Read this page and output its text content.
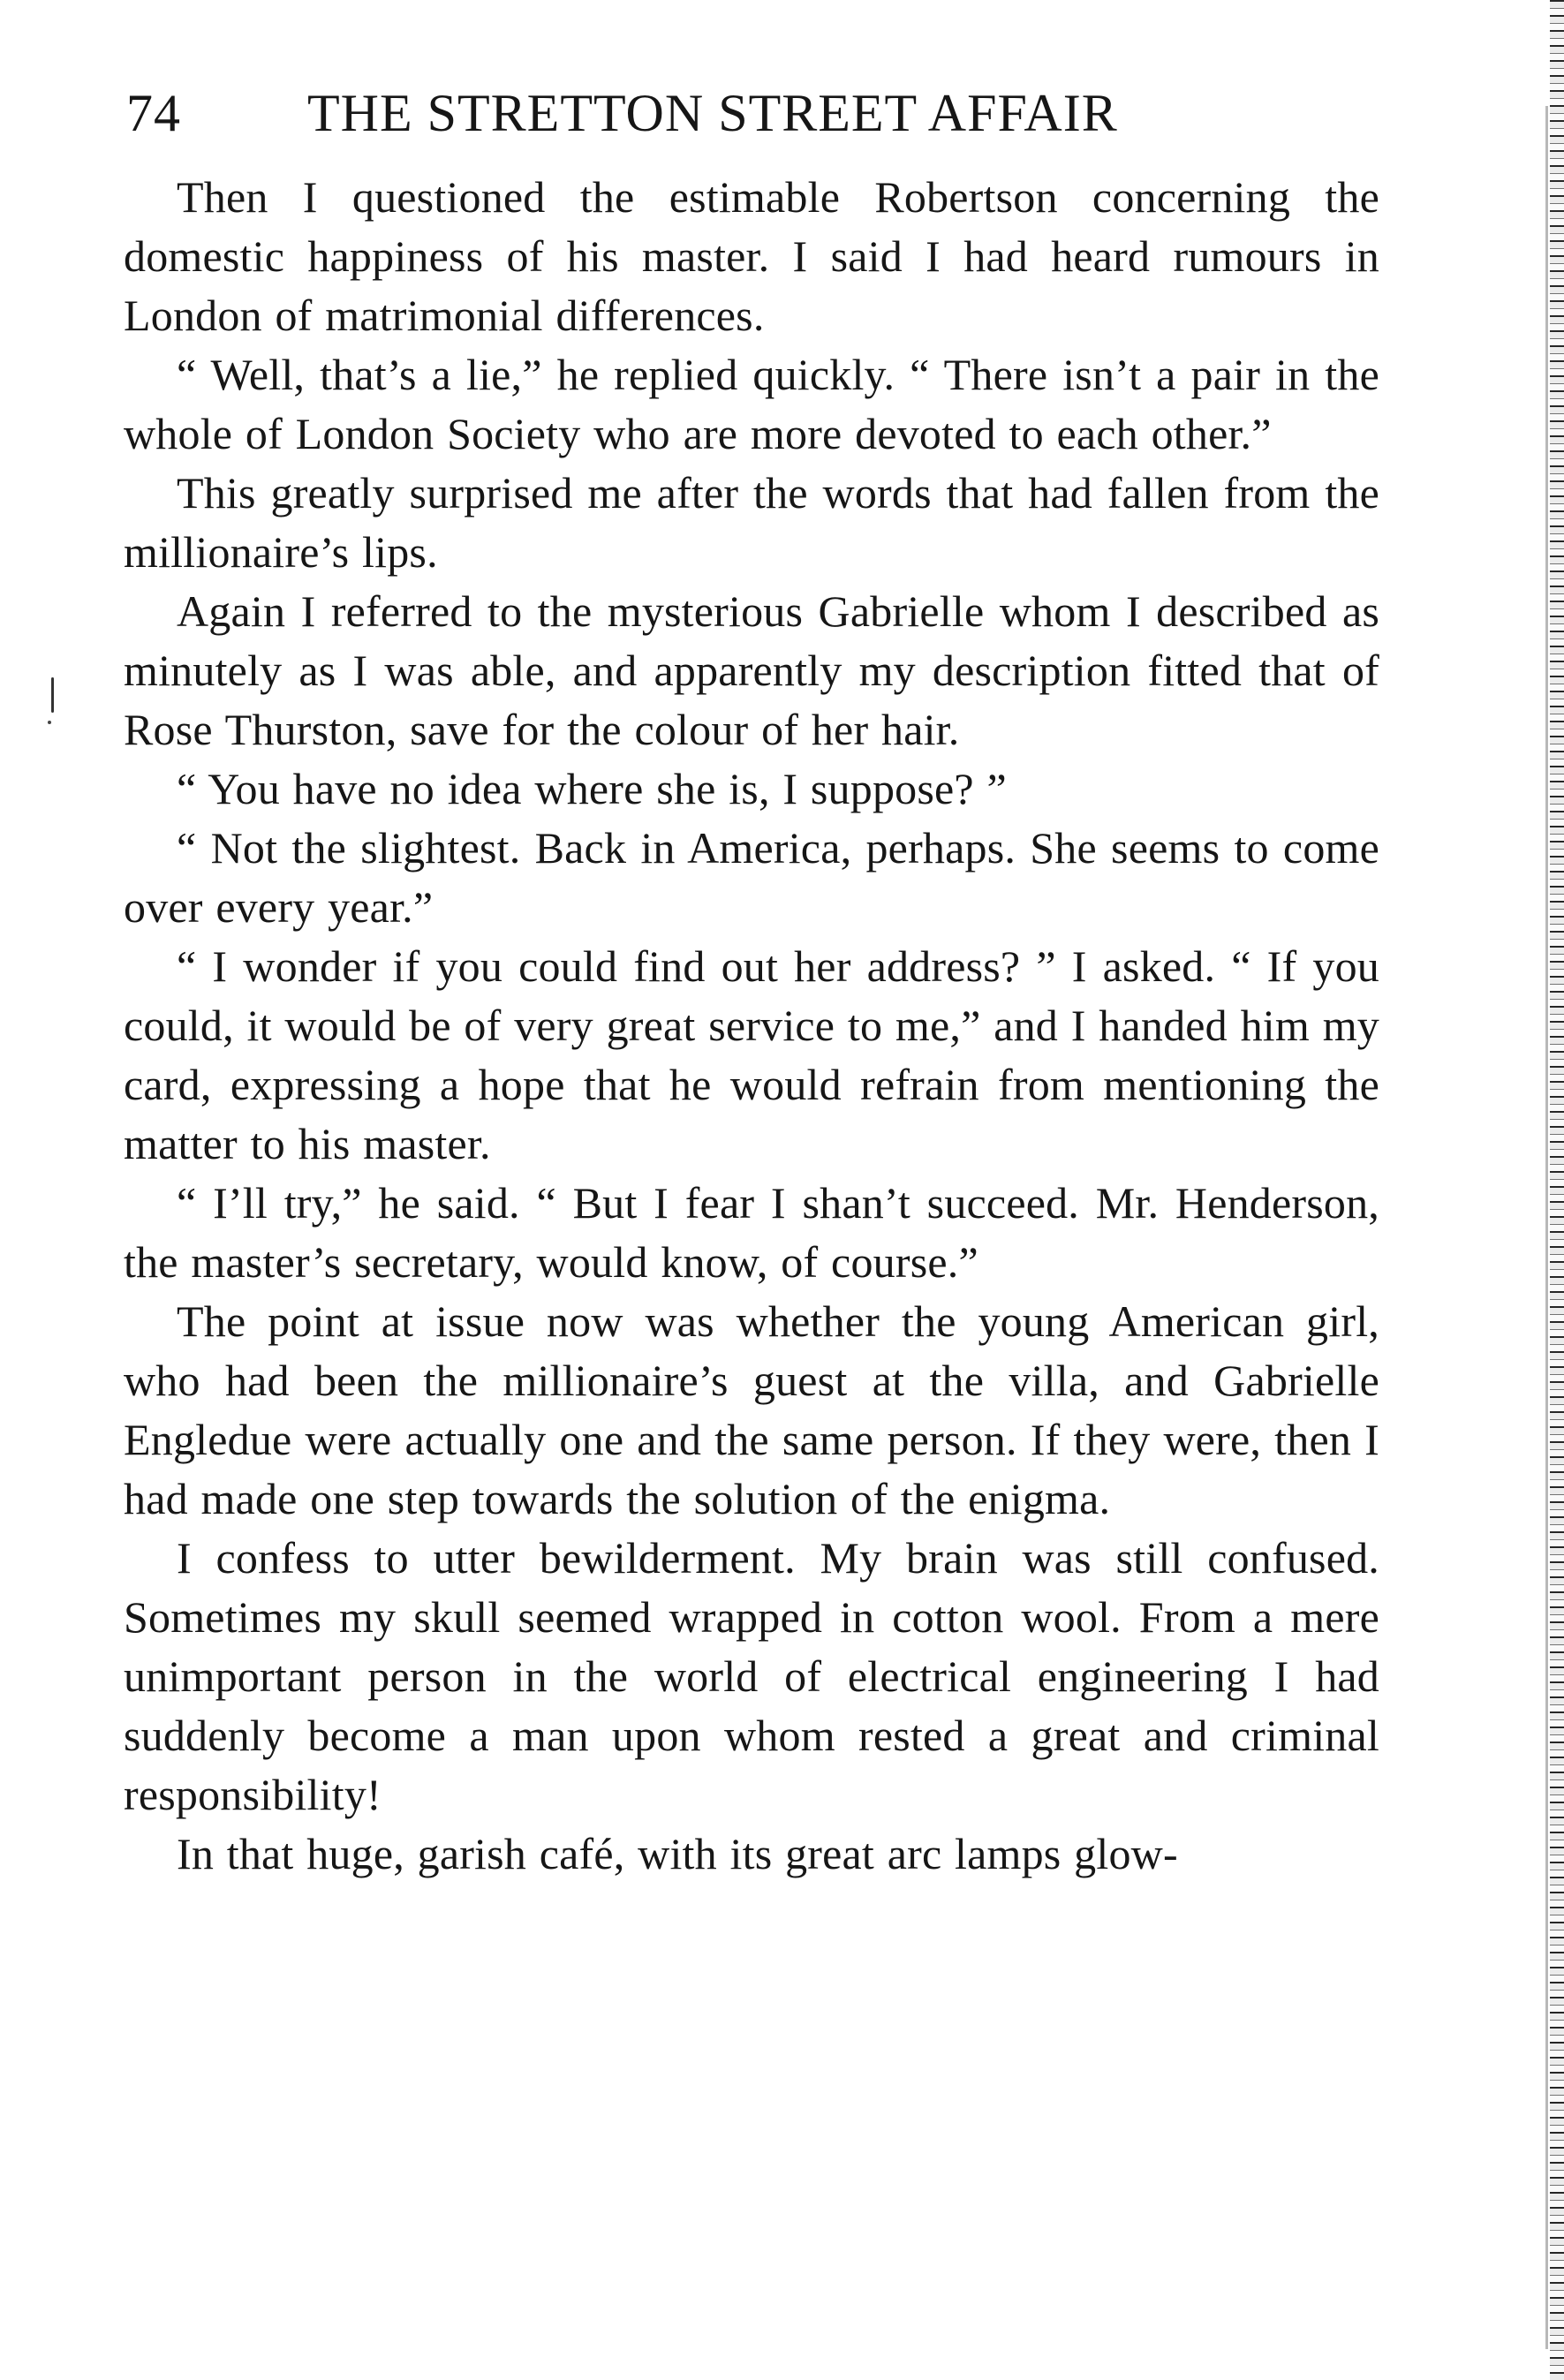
74 THE STRETTON STREET AFFAIR

Then I questioned the estimable Robertson concerning the domestic happiness of his master. I said I had heard rumours in London of matrimonial differences.

“ Well, that’s a lie,” he replied quickly. “ There isn’t a pair in the whole of London Society who are more devoted to each other.”

This greatly surprised me after the words that had fallen from the millionaire’s lips.

Again I referred to the mysterious Gabrielle whom I described as minutely as I was able, and apparently my description fitted that of Rose Thurston, save for the colour of her hair.

“ You have no idea where she is, I suppose? ”

“ Not the slightest. Back in America, perhaps. She seems to come over every year.”

“ I wonder if you could find out her address? ” I asked. “ If you could, it would be of very great service to me,” and I handed him my card, expressing a hope that he would refrain from mentioning the matter to his master.

“ I’ll try,” he said. “ But I fear I shan’t succeed. Mr. Henderson, the master’s secretary, would know, of course.”

The point at issue now was whether the young American girl, who had been the millionaire’s guest at the villa, and Gabrielle Engledue were actually one and the same person. If they were, then I had made one step towards the solution of the enigma.

I confess to utter bewilderment. My brain was still confused. Sometimes my skull seemed wrapped in cotton wool. From a mere unimportant person in the world of electrical engineering I had suddenly become a man upon whom rested a great and criminal responsibility!

In that huge, garish café, with its great arc lamps glow-
